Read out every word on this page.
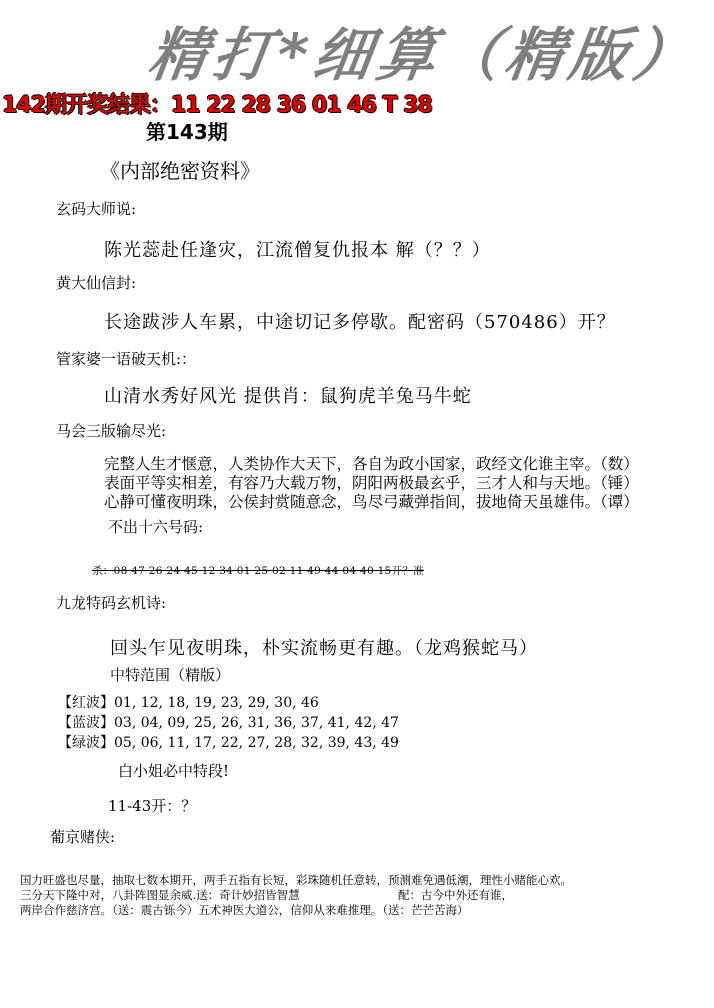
精打*细算（精版）
142期开奖结果：11 22 28 36 01 46 T 38
第143期
《内部绝密资料》
玄码大师说:
陈光蕊赴任逢灾，江流僧复仇报本 解（？？）
黄大仙信封:
长途跋涉人车累，中途切记多停歇。配密码（570486）开？
管家婆一语破天机:：
山清水秀好风光 提供肖：鼠狗虎羊兔马牛蛇
马会三版输尽光:
完整人生才惬意，人类协作大天下，各自为政小国家，政经文化谁主宰。（数）
表面平等实相差，有容乃大载万物，阴阳两极最玄乎，三才人和与天地。（锤）
心静可懂夜明珠，公侯封赏随意念，鸟尽弓藏弹指间，拔地倚天虽雄伟。（谭）
不出十六号码:
杀：08 47 26 24 45 12 34 01 25 02 11 49 44 04 40 15开？准
九龙特码玄机诗:
回头乍见夜明珠，朴实流畅更有趣。（龙鸡猴蛇马）
中特范围（精版）
【红波】01, 12, 18, 19, 23, 29, 30, 46
【蓝波】03, 04, 09, 25, 26, 31, 36, 37, 41, 42, 47
【绿波】05, 06, 11, 17, 22, 27, 28, 32, 39, 43, 49
白小姐必中特段!
11-43开：？
葡京赌侠:
国力旺盛也尽量，抽取七数本期开，两手五指有长短，彩珠随机任意转，预测难免遇低潮，理性小赌能心欢。
三分天下隆中对，八卦阵图显余威.送：奇计妙招皆智慧	配：古今中外还有谁，
两岸合作慈济宫。（送：震古铄今）五术神医大道公，信仰从来难推理。（送：芒芒苦海）
